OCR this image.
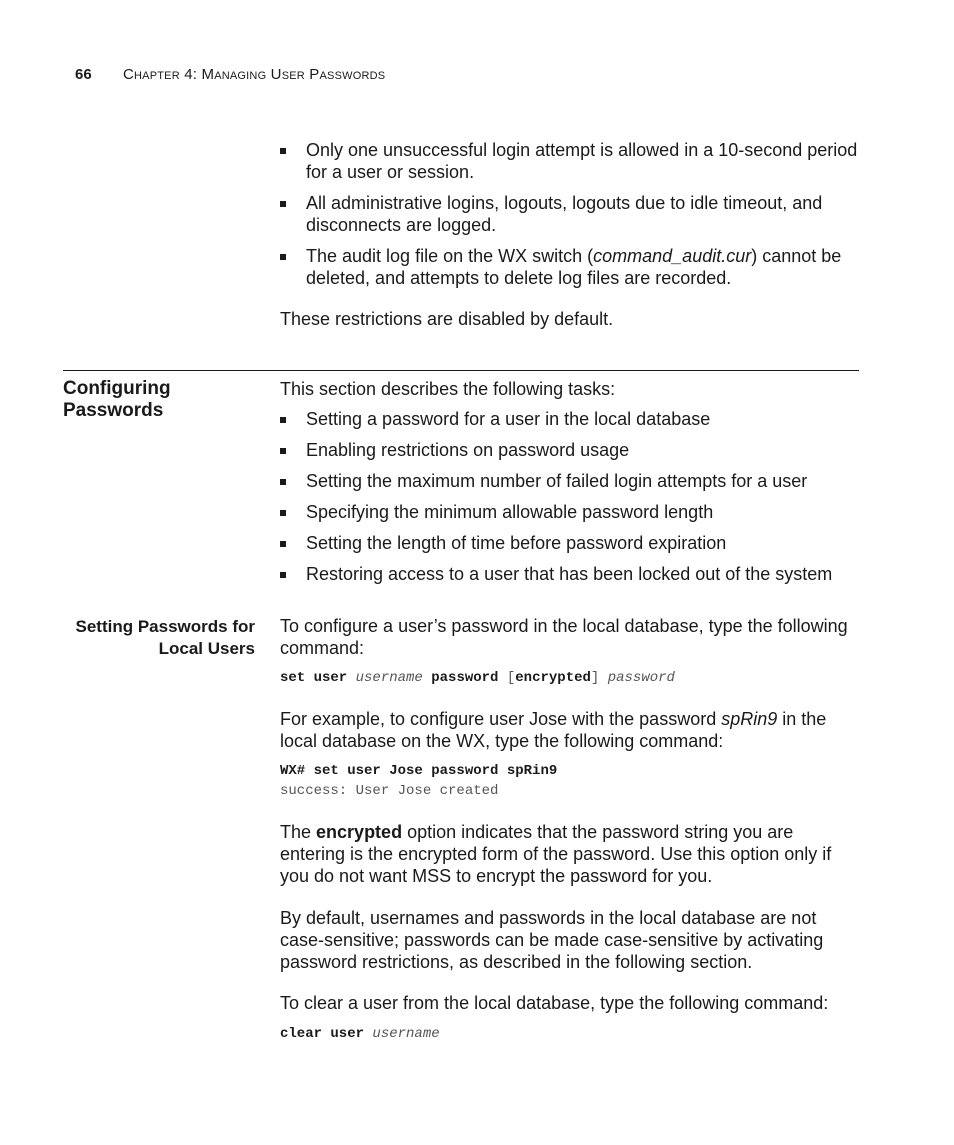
66 Chapter 4: Managing User Passwords
Only one unsuccessful login attempt is allowed in a 10-second period for a user or session.
All administrative logins, logouts, logouts due to idle timeout, and disconnects are logged.
The audit log file on the WX switch (command_audit.cur) cannot be deleted, and attempts to delete log files are recorded.

These restrictions are disabled by default.

Configuring Passwords

This section describes the following tasks:

Setting a password for a user in the local database
Enabling restrictions on password usage
Setting the maximum number of failed login attempts for a user
Specifying the minimum allowable password length
Setting the length of time before password expiration
Restoring access to a user that has been locked out of the system
Setting Passwords for Local Users

To configure a user’s password in the local database, type the following command:

set user username password [encrypted] password

For example, to configure user Jose with the password spRin9 in the local database on the WX, type the following command:

WX# set user Jose password spRin9
success: User Jose created

The encrypted option indicates that the password string you are entering is the encrypted form of the password. Use this option only if you do not want MSS to encrypt the password for you.

By default, usernames and passwords in the local database are not case-sensitive; passwords can be made case-sensitive by activating password restrictions, as described in the following section.

To clear a user from the local database, type the following command:

clear user username
